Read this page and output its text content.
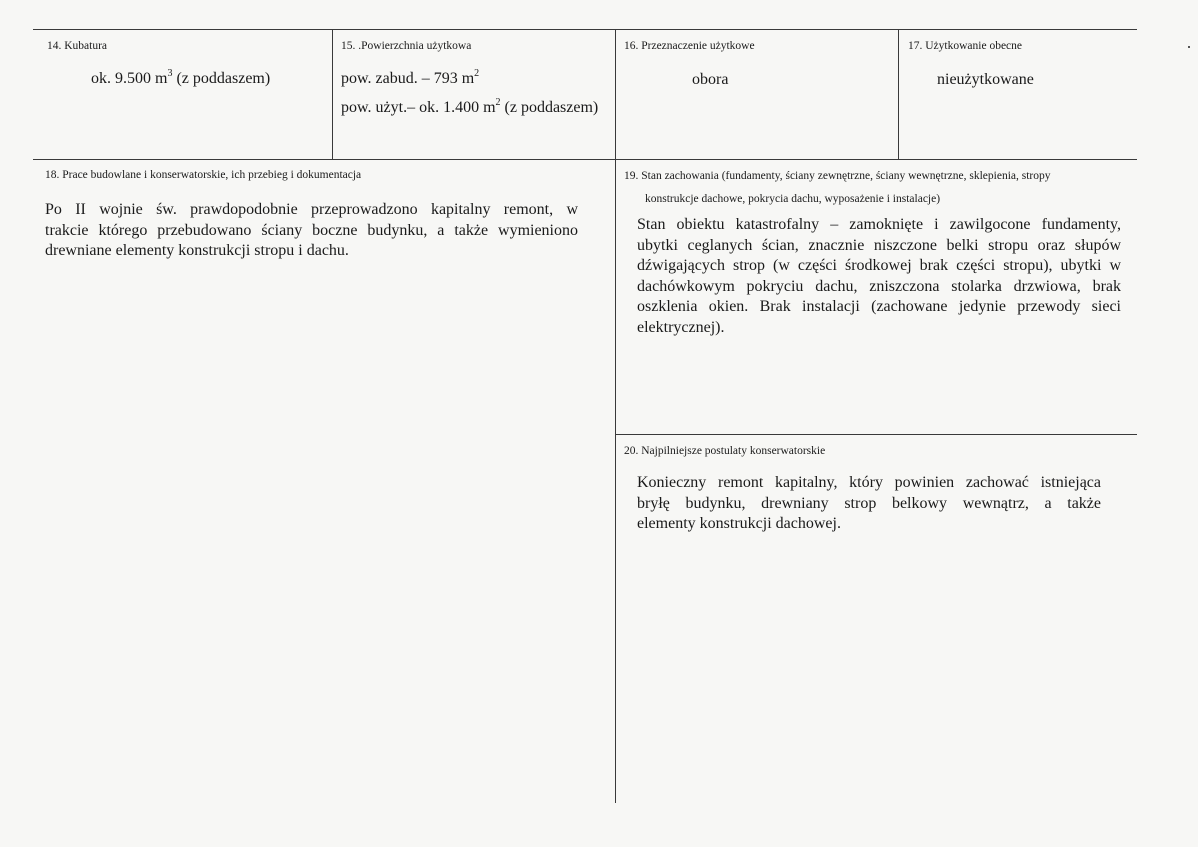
14. Kubatura
ok. 9.500 $m^3$ (z poddaszem)
15. .Powierzchnia użytkowa
pow. zabud. – 793 $m^2$
pow. użyt.– ok. 1.400 $m^2$ (z poddaszem)
16. Przeznaczenie użytkowe
obora
17. Użytkowanie obecne
nieużytkowane
18. Prace budowlane i konserwatorskie, ich przebieg i dokumentacja
Po II wojnie św. prawdopodobnie przeprowadzono kapitalny remont, w
trakcie którego przebudowano ściany boczne budynku, a także wymieniono
drewniane elementy konstrukcji stropu i dachu.
19. Stan zachowania (fundamenty, ściany zewnętrzne, ściany wewnętrzne, sklepienia, stropy
konstrukcje dachowe, pokrycia dachu, wyposażenie i instalacje)
Stan obiektu katastrofalny – zamoknięte i zawilgocone fundamenty,
ubytki ceglanych ścian, znacznie niszczone belki stropu oraz słupów
dźwigających strop (w części środkowej brak części stropu), ubytki w
dachówkowym pokryciu dachu, zniszczona stolarka drzwiowa, brak
oszklenia okien. Brak instalacji (zachowane jedynie przewody sieci
elektrycznej).
20. Najpilniejsze postulaty konserwatorskie
Konieczny remont kapitalny, który powinien zachować istniejąca
bryłę budynku, drewniany strop belkowy wewnątrz, a także
elementy konstrukcji dachowej.
